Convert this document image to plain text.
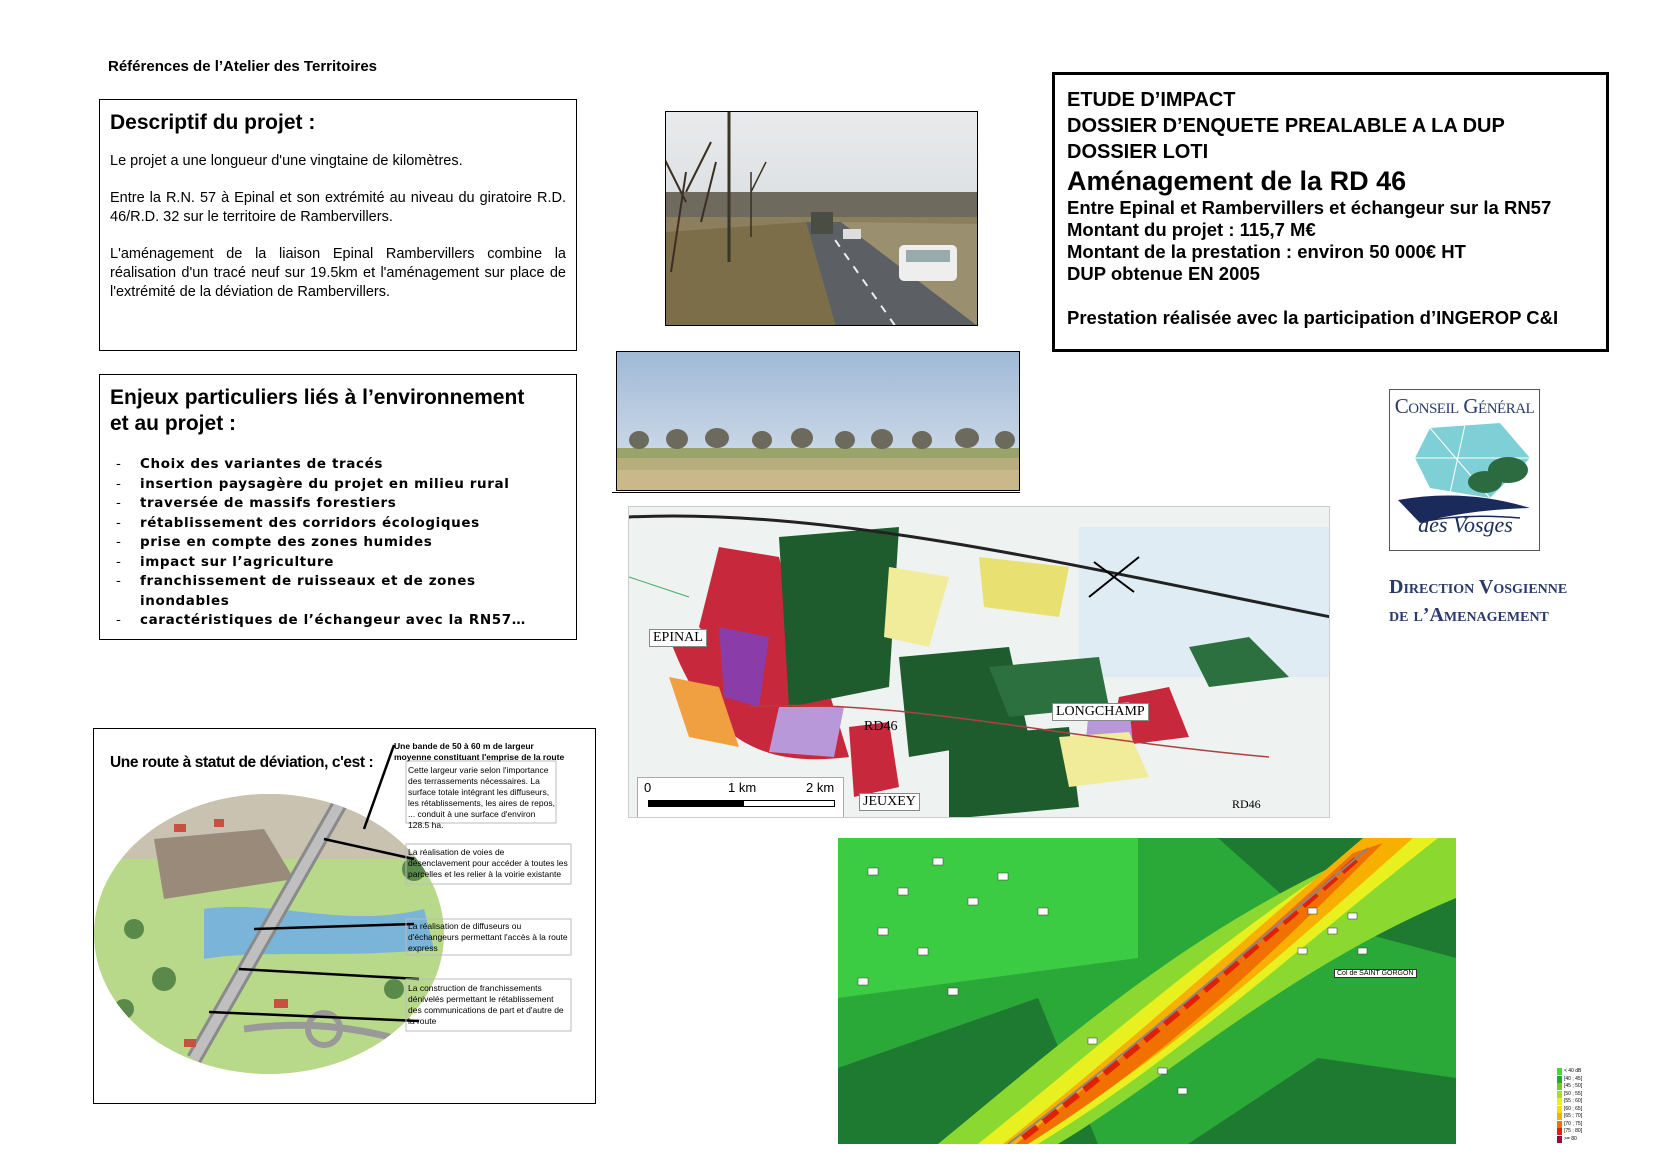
Références de l’Atelier des Territoires
Descriptif du projet :

Le projet a une longueur d'une vingtaine de kilomètres.

Entre la R.N. 57 à Epinal et son extrémité au niveau du giratoire R.D. 46/R.D. 32 sur le territoire de Rambervillers.

L'aménagement de la liaison Epinal Rambervillers combine la réalisation d'un tracé neuf sur 19.5km et l'aménagement sur place de l'extrémité de la déviation de Rambervillers.

Enjeux particuliers liés à l’environnement
et au projet :
- Choix des variantes de tracés
- insertion paysagère du projet en milieu rural
- traversée de massifs forestiers
- rétablissement des corridors écologiques
- prise en compte des zones humides
- impact sur l’agriculture
- franchissement de ruisseaux et de zones inondables
- caractéristiques de l’échangeur avec la RN57…
ETUDE D’IMPACT
DOSSIER D’ENQUETE PREALABLE A LA DUP
DOSSIER LOTI
Aménagement de la RD 46
Entre Epinal et Rambervillers et échangeur sur la RN57
Montant du projet : 115,7 M€
Montant de la prestation : environ 50 000€ HT
DUP obtenue EN 2005
Prestation réalisée avec la participation d’INGEROP C&I
EPINAL
LONGCHAMP
RD46
JEUXEY	RD46
0	1 km	2 km
Conseil Général
des Vosges
Direction Vosgienne
de l’Amenagement
Une route à statut de déviation, c'est :
Une bande de 50 à 60 m de largeur moyenne constituant l'emprise de la route
Cette largeur varie selon l'importance des terrassements nécessaires. La surface totale intégrant les diffuseurs, les rétablissements, les aires de repos, ... conduit à une surface d'environ 128.5 ha.
La réalisation de voies de désenclavement pour accéder à toutes les parcelles et les relier à la voirie existante
La réalisation de diffuseurs ou d'échangeurs permettant l'accès à la route express
La construction de franchissements dénivelés permettant le rétablissement des communications de part et d'autre de la route
Col de SAINT GORGON
< 40 dB
[40 ; 45[
[45 ; 50[
[50 ; 55[
[55 ; 60[
[60 ; 65[
[65 ; 70[
[70 ; 75[
[75 ; 80[
>= 80
